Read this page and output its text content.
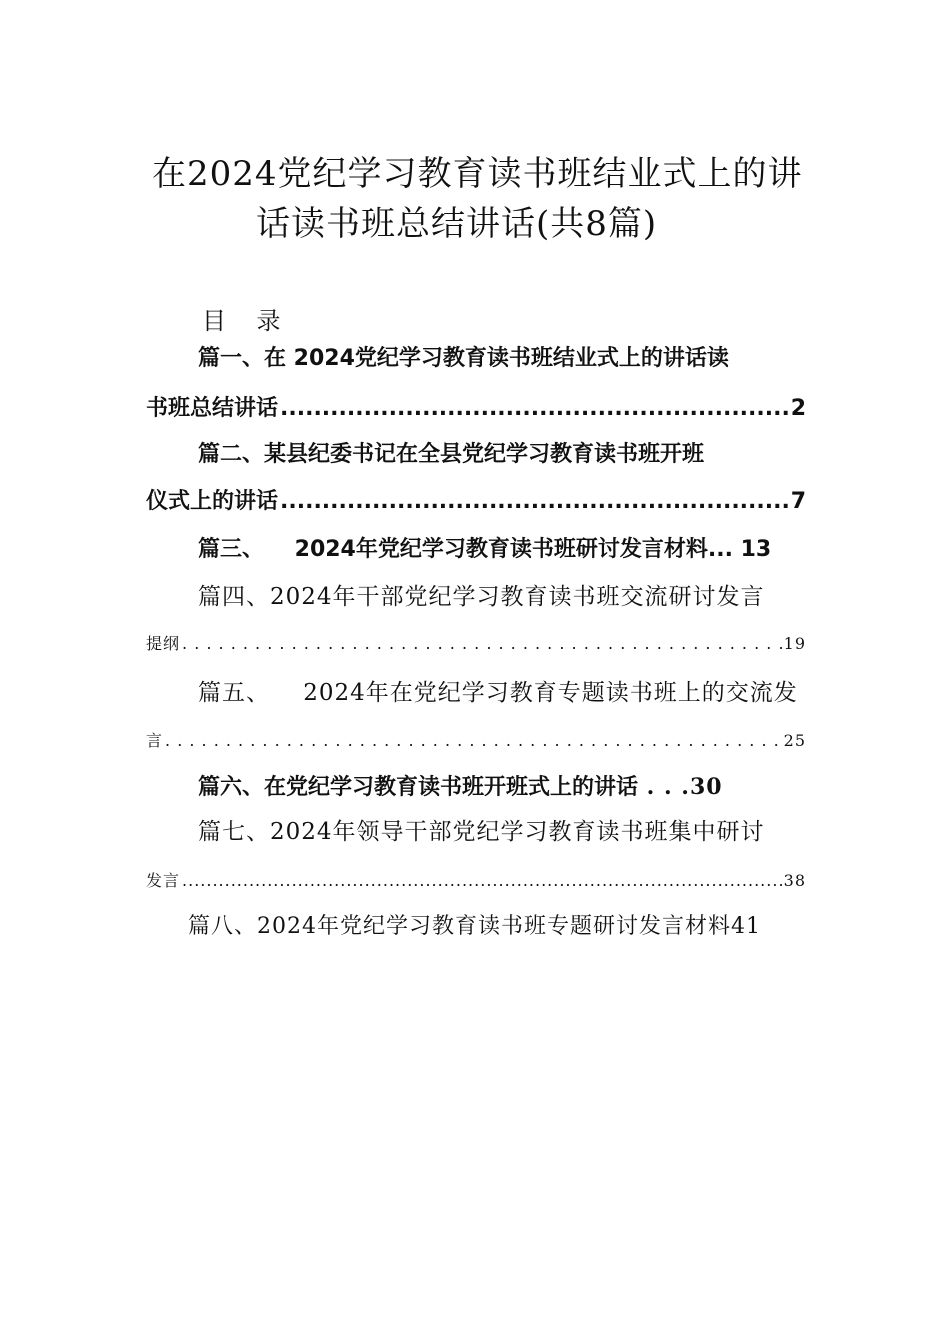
在2024党纪学习教育读书班结业式上的讲
话读书班总结讲话(共8篇)
目    录
篇一、在 2024党纪学习教育读书班结业式上的讲话读
书班总结讲话 .....	2
篇二、某县纪委书记在全县党纪学习教育读书班开班
仪式上的讲话 .....	7
篇三、    2024年党纪学习教育读书班研讨发言材料... 13
篇四、2024年干部党纪学习教育读书班交流研讨发言
提纲 . . .	19
篇五、    2024年在党纪学习教育专题读书班上的交流发
言 . . .	25
篇六、在党纪学习教育读书班开班式上的讲话 . . .30
篇七、2024年领导干部党纪学习教育读书班集中研讨
发言 .....	38
篇八、2024年党纪学习教育读书班专题研讨发言材料41
